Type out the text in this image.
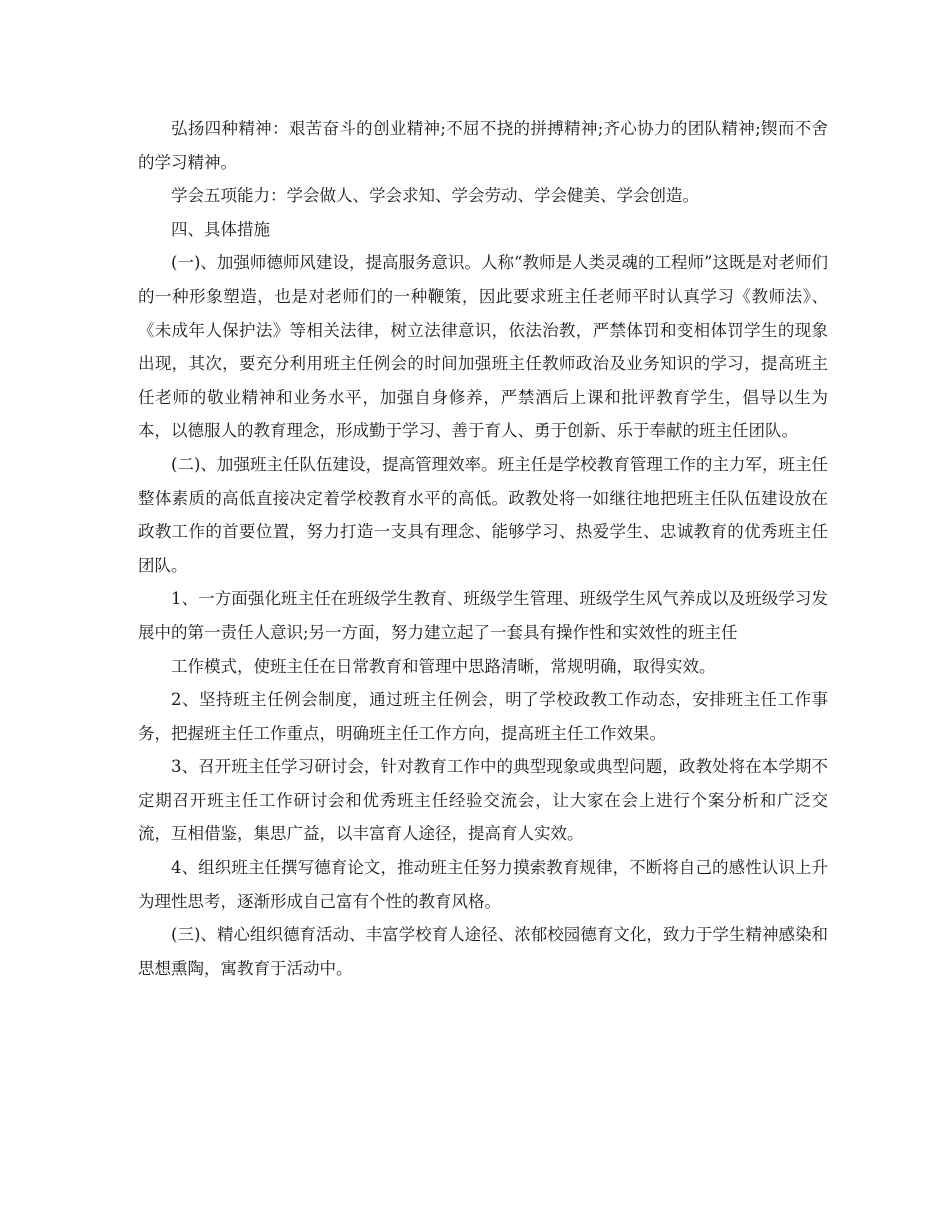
弘扬四种精神：艰苦奋斗的创业精神;不屈不挠的拼搏精神;齐心协力的团队精神;锲而不舍的学习精神。

学会五项能力：学会做人、学会求知、学会劳动、学会健美、学会创造。

四、具体措施

(一)、加强师德师风建设，提高服务意识。人称“教师是人类灵魂的工程师”这既是对老师们的一种形象塑造，也是对老师们的一种鞭策，因此要求班主任老师平时认真学习《教师法》、《未成年人保护法》等相关法律，树立法律意识，依法治教，严禁体罚和变相体罚学生的现象出现，其次，要充分利用班主任例会的时间加强班主任教师政治及业务知识的学习，提高班主任老师的敬业精神和业务水平，加强自身修养，严禁酒后上课和批评教育学生，倡导以生为本，以德服人的教育理念，形成勤于学习、善于育人、勇于创新、乐于奉献的班主任团队。

(二)、加强班主任队伍建设，提高管理效率。班主任是学校教育管理工作的主力军，班主任整体素质的高低直接决定着学校教育水平的高低。政教处将一如继往地把班主任队伍建设放在政教工作的首要位置，努力打造一支具有理念、能够学习、热爱学生、忠诚教育的优秀班主任团队。

1、一方面强化班主任在班级学生教育、班级学生管理、班级学生风气养成以及班级学习发展中的第一责任人意识;另一方面，努力建立起了一套具有操作性和实效性的班主任

工作模式，使班主任在日常教育和管理中思路清晰，常规明确，取得实效。

2、坚持班主任例会制度，通过班主任例会，明了学校政教工作动态，安排班主任工作事务，把握班主任工作重点，明确班主任工作方向，提高班主任工作效果。

3、召开班主任学习研讨会，针对教育工作中的典型现象或典型问题，政教处将在本学期不定期召开班主任工作研讨会和优秀班主任经验交流会，让大家在会上进行个案分析和广泛交流，互相借鉴，集思广益，以丰富育人途径，提高育人实效。

4、组织班主任撰写德育论文，推动班主任努力摸索教育规律，不断将自己的感性认识上升为理性思考，逐渐形成自己富有个性的教育风格。

(三)、精心组织德育活动、丰富学校育人途径、浓郁校园德育文化，致力于学生精神感染和思想熏陶，寓教育于活动中。
